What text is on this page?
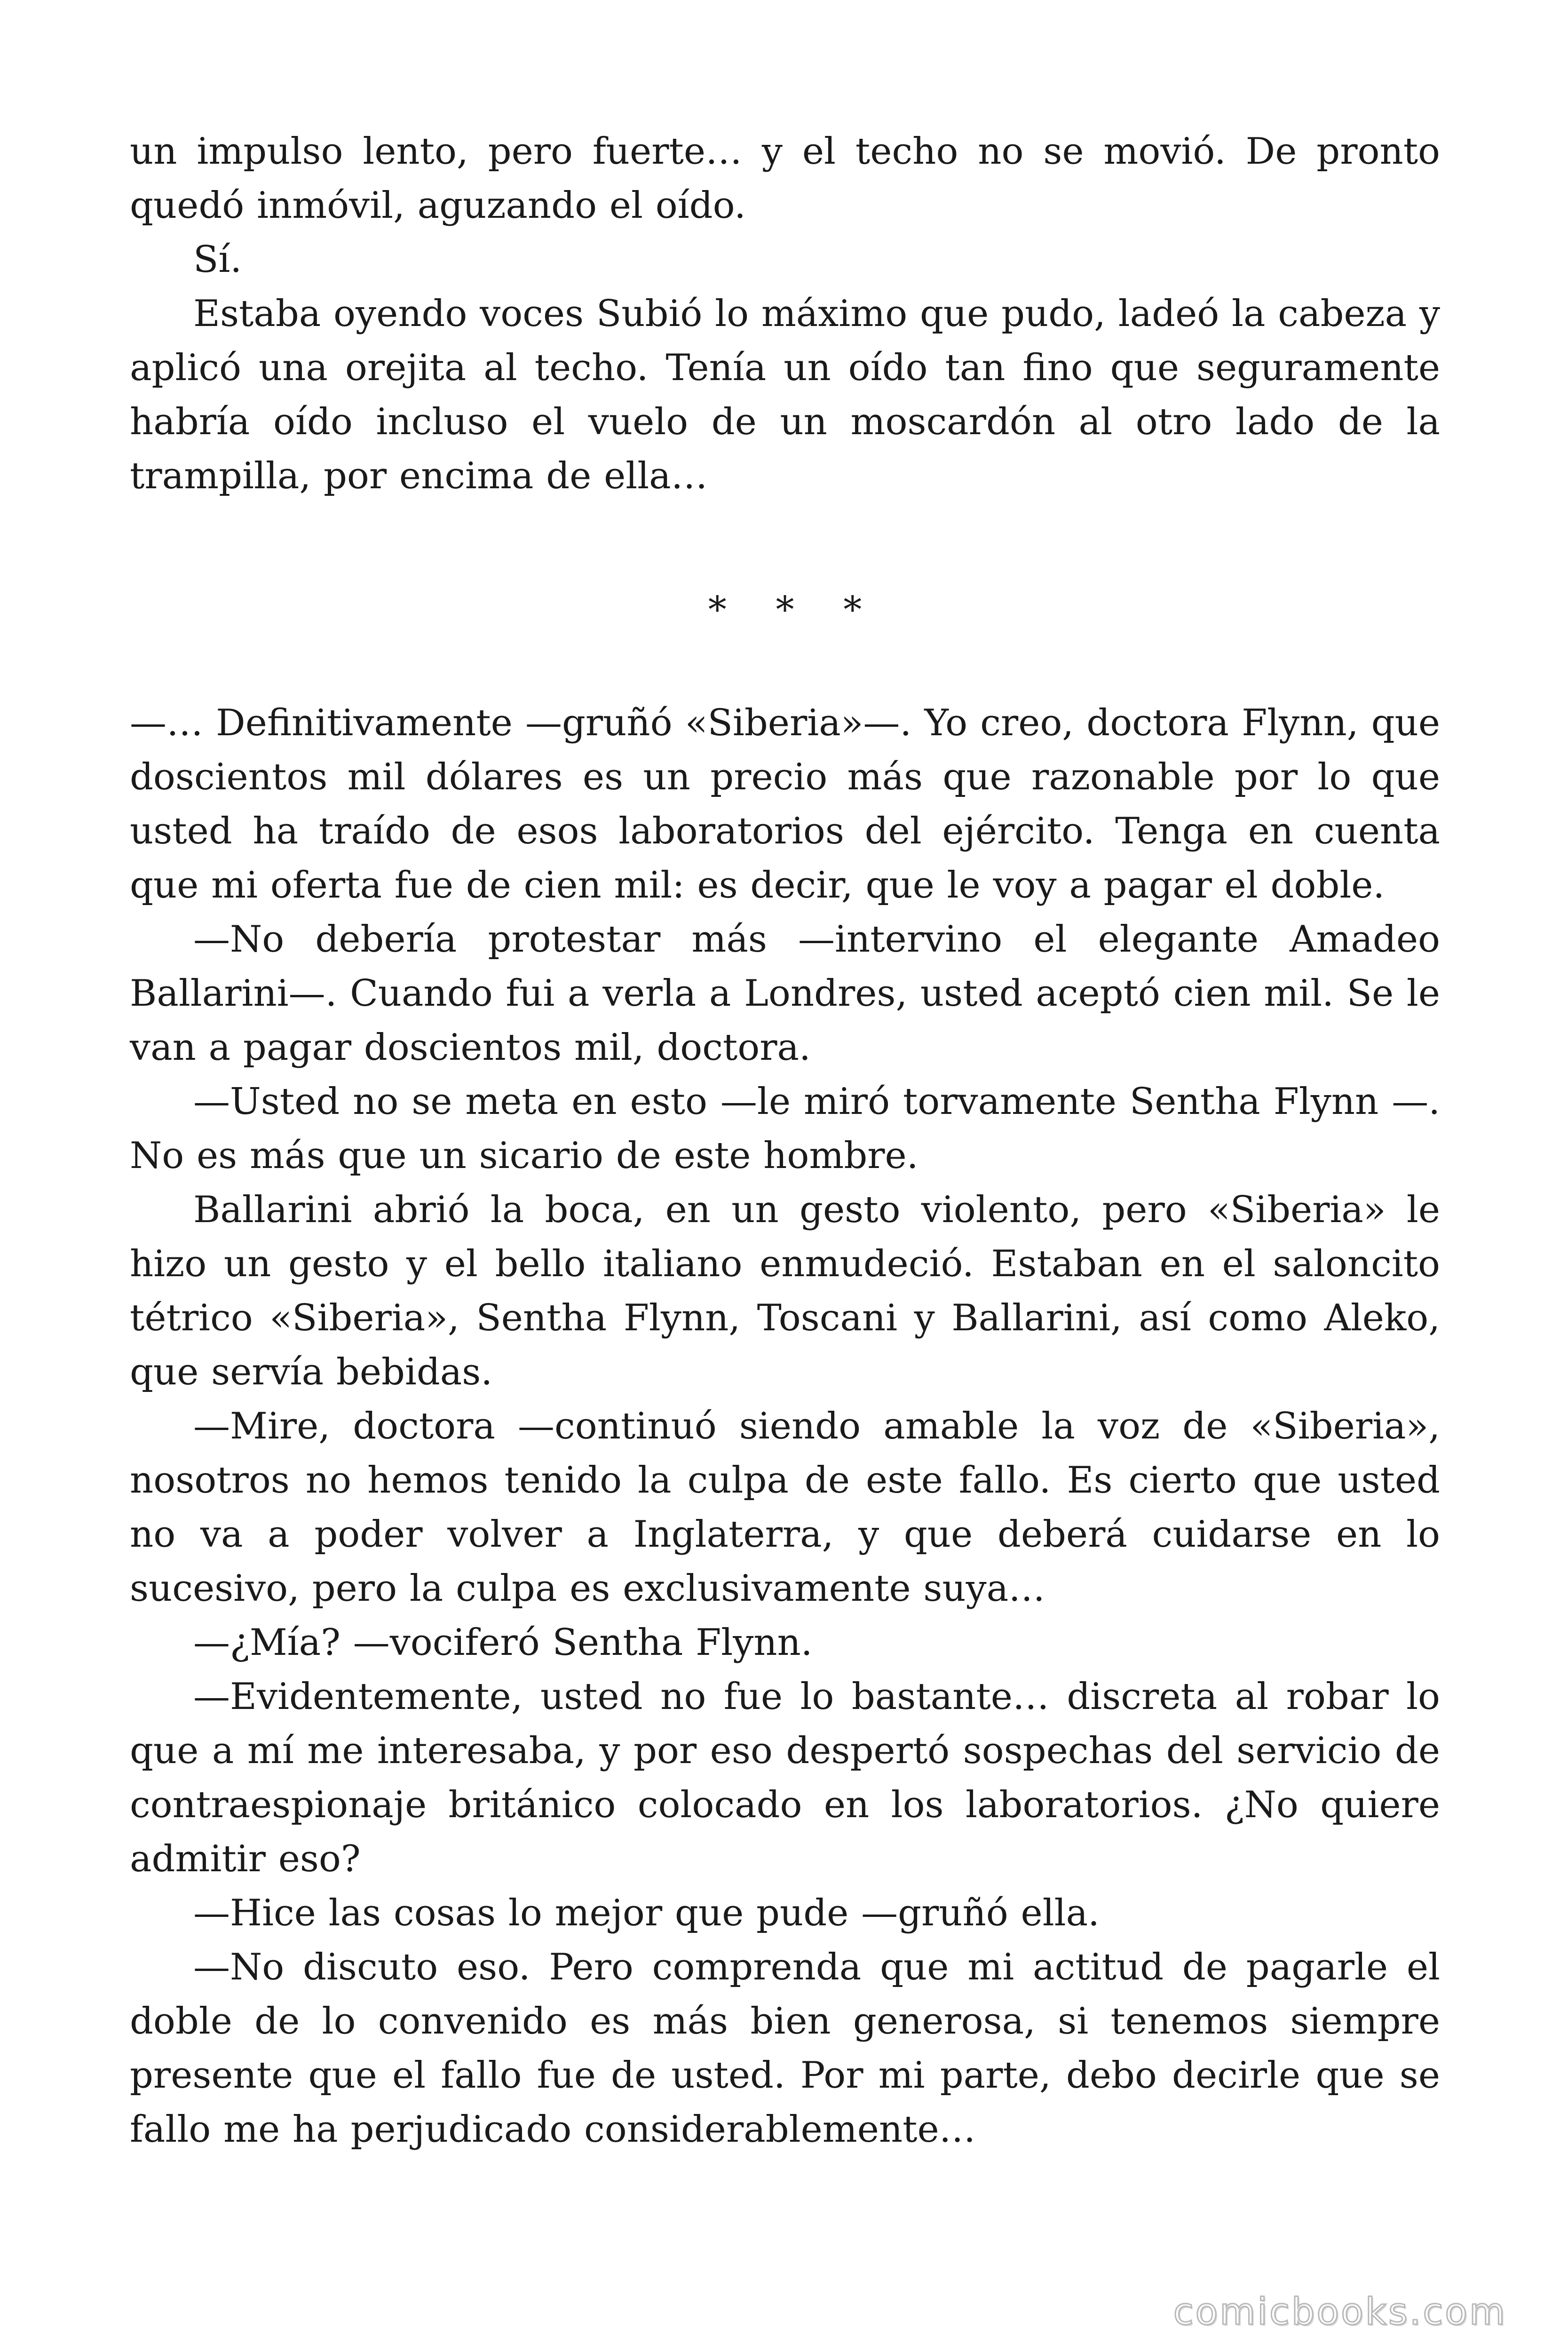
un impulso lento, pero fuerte… y el techo no se movió. De pronto quedó inmóvil, aguzando el oído.

Sí.

Estaba oyendo voces Subió lo máximo que pudo, ladeó la cabeza y aplicó una orejita al techo. Tenía un oído tan fino que seguramente habría oído incluso el vuelo de un moscardón al otro lado de la trampilla, por encima de ella…

* * *

—… Definitivamente —gruñó «Siberia»—. Yo creo, doctora Flynn, que doscientos mil dólares es un precio más que razonable por lo que usted ha traído de esos laboratorios del ejército. Tenga en cuenta que mi oferta fue de cien mil: es decir, que le voy a pagar el doble.

—No debería protestar más —intervino el elegante Amadeo Ballarini—. Cuando fui a verla a Londres, usted aceptó cien mil. Se le van a pagar doscientos mil, doctora.

—Usted no se meta en esto —le miró torvamente Sentha Flynn —. No es más que un sicario de este hombre.

Ballarini abrió la boca, en un gesto violento, pero «Siberia» le hizo un gesto y el bello italiano enmudeció. Estaban en el saloncito tétrico «Siberia», Sentha Flynn, Toscani y Ballarini, así como Aleko, que servía bebidas.

—Mire, doctora —continuó siendo amable la voz de «Siberia», nosotros no hemos tenido la culpa de este fallo. Es cierto que usted no va a poder volver a Inglaterra, y que deberá cuidarse en lo sucesivo, pero la culpa es exclusivamente suya…

—¿Mía? —vociferó Sentha Flynn.

—Evidentemente, usted no fue lo bastante… discreta al robar lo que a mí me interesaba, y por eso despertó sospechas del servicio de contraespionaje británico colocado en los laboratorios. ¿No quiere admitir eso?

—Hice las cosas lo mejor que pude —gruñó ella.

—No discuto eso. Pero comprenda que mi actitud de pagarle el doble de lo convenido es más bien generosa, si tenemos siempre presente que el fallo fue de usted. Por mi parte, debo decirle que se fallo me ha perjudicado considerablemente…

comicbooks.com
